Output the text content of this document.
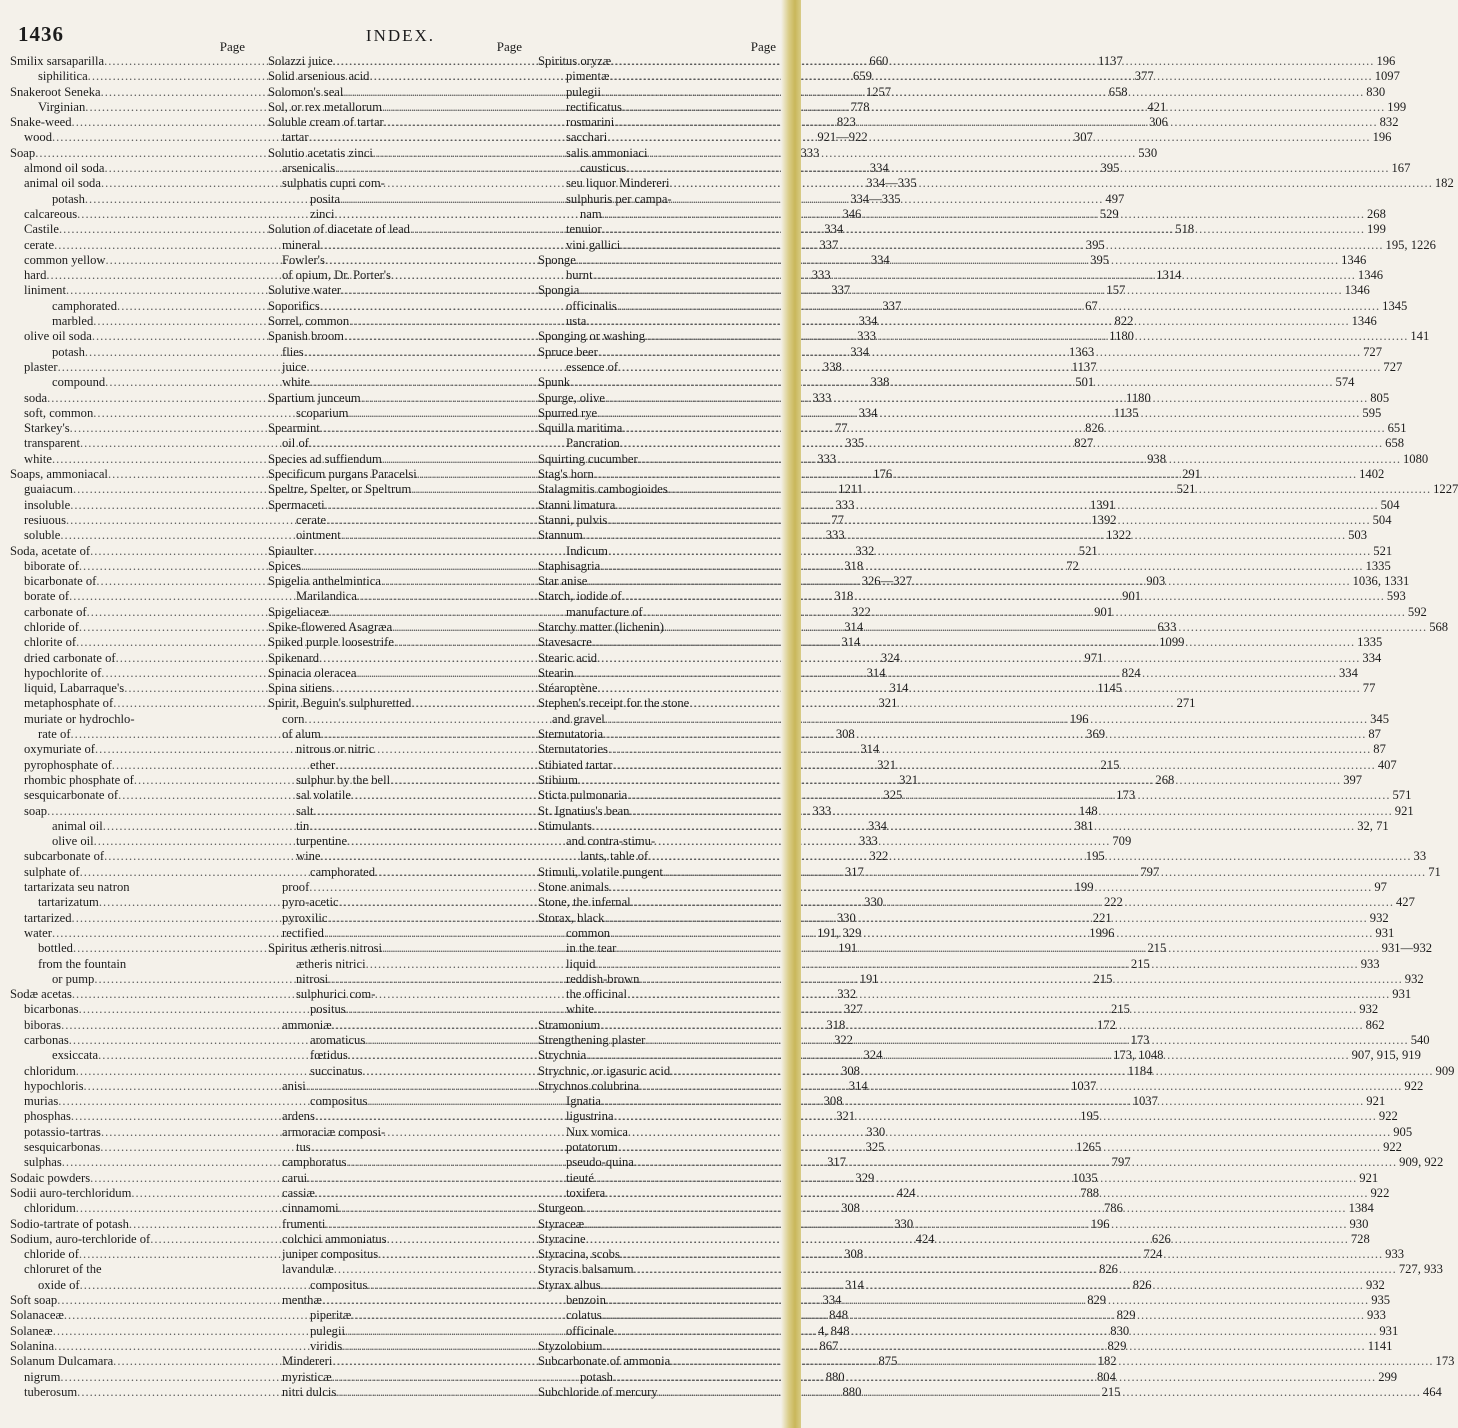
1436	INDEX.
Page
Smilix sarsaparilla .....	660
siphilitica .....	659
Snakeroot Seneka .....	1257
Virginian .....	778
Snake-weed .....	823
wood .....	921—922
Soap .....	333
almond oil soda .....	334
animal oil soda .....	334—335
potash .....	334—335
calcareous .....	346
Castile .....	334
cerate .....	337
common yellow .....	334
hard .....	333
liniment .....	337
camphorated .....	337
marbled .....	334
olive oil soda .....	333
potash .....	334
plaster .....	338
compound .....	338
soda .....	333
soft, common .....	334
Starkey's .....	77
transparent .....	335
white .....	333
Soaps, ammoniacal .....	176
guaiacum .....	1211
insoluble .....	333
resiuous .....	77
soluble .....	333
Soda, acetate of .....	332
biborate of .....	318
bicarbonate of .....	326—327
borate of .....	318
carbonate of .....	322
chloride of .....	314
chlorite of .....	314
dried carbonate of .....	324
hypochlorite of .....	314
liquid, Labarraque's .....	314
metaphosphate of .....	321
muriate or hydrochlo-
rate of .....	308
oxymuriate of .....	314
pyrophosphate of .....	321
rhombic phosphate of .....	321
sesquicarbonate of .....	325
soap .....	333
animal oil .....	334
olive oil .....	333
subcarbonate of .....	322
sulphate of .....	317
tartarizata seu natron
tartarizatum .....	330
tartarized .....	330
water .....	191, 329
bottled .....	191
from the fountain
or pump .....	191
Sodæ acetas .....	332
bicarbonas .....	327
biboras .....	318
carbonas .....	322
exsiccata .....	324
chloridum .....	308
hypochloris .....	314
murias .....	308
phosphas .....	321
potassio-tartras .....	330
sesquicarbonas .....	325
sulphas .....	317
Sodaic powders .....	329
Sodii auro-terchloridum .....	424
chloridum .....	308
Sodio-tartrate of potash .....	330
Sodium, auro-terchloride of .....	424
chloride of .....	308
chloruret of the
oxide of .....	314
Soft soap .....	334
Solanaceæ .....	848
Solaneæ .....	4, 848
Solanina .....	867
Solanum Dulcamara .....	875
nigrum .....	880
tuberosum .....	880
Page
Solazzi juice .....	1137
Solid arsenious acid .....	377
Solomon's seal .....	658
Sol, or rex metallorum .....	421
Soluble cream of tartar .....	306
tartar .....	307
Solutio acetatis zinci .....	530
arsenicalis .....	395
sulphatis cupri com-
posita .....	497
zinci .....	529
Solution of diacetate of lead .....	518
mineral .....	395
Fowler's .....	395
of opium, Dr. Porter's .....	1314
Solutive water .....	157
Soporifics .....	67
Sorrel, common .....	822
Spanish broom .....	1180
flies .....	1363
juice .....	1137
white .....	501
Spartium junceum .....	1180
scoparium .....	1135
Spearmint .....	826
oil of .....	827
Species ad suffiendum .....	938
Specificum purgans Paracelsi .....	291
Speltre, Spelter, or Speltrum .....	521
Spermaceti .....	1391
cerate .....	1392
ointment .....	1322
Spiaulter .....	521
Spices .....	72
Spigelia anthelmintica .....	903
Marilandica .....	901
Spigeliaceæ .....	901
Spike-flowered Asagræa .....	633
Spiked purple loosestrife .....	1099
Spikenard .....	971
Spinacia oleracea .....	824
Spina sitiens .....	1145
Spirit, Beguin's sulphuretted .....	271
corn .....	196
of alum .....	369
nitrous or nitric
ether .....	215
sulphur by the bell .....	268
sal volatile .....	173
salt .....	148
tin .....	381
turpentine .....	709
wine .....	195
camphorated .....	797
proof .....	199
pyro-acetic .....	222
pyroxilic .....	221
rectified .....	1996
Spiritus ætheris nitrosi .....	215
ætheris nitrici .....	215
nitrosi .....	215
sulphurici com-
positus .....	215
ammoniæ .....	172
aromaticus .....	173
fœtidus .....	173, 1048
succinatus .....	1184
anisi .....	1037
compositus .....	1037
ardens .....	195
armoraciæ composi-
tus .....	1265
camphoratus .....	797
carui .....	1035
cassiæ .....	788
cinnamomi .....	786
frumenti .....	196
colchici ammoniatus .....	626
juniper compositus .....	724
lavandulæ .....	826
compositus .....	826
menthæ .....	829
piperitæ .....	829
pulegii .....	830
viridis .....	829
Mindereri .....	182
myristicæ .....	804
nitri dulcis .....	215
Page
Spiritus oryzæ .....	196
pimentæ .....	1097
pulegii .....	830
rectificatus .....	199
rosmarini .....	832
sacchari .....	196
salis ammoniaci
causticus .....	167
seu liquor Mindereri .....	182
sulphuris per campa-
nam .....	268
tenuior .....	199
vini gallici .....	195, 1226
Sponge .....	1346
burnt .....	1346
Spongia .....	1346
officinalis .....	1345
usta .....	1346
Sponging or washing .....	141
Spruce beer .....	727
essence of .....	727
Spunk .....	574
Spurge, olive .....	805
Spurred rye .....	595
Squilla maritima .....	651
Pancration .....	658
Squirting cucumber .....	1080
Stag's horn .....	1402
Stalagmitis cambogioides .....	1227
Stanni limatura .....	504
Stanni, pulvis .....	504
Stannum .....	503
Indicum .....	521
Staphisagria .....	1335
Star anise .....	1036, 1331
Starch, iodide of .....	593
manufacture of .....	592
Starchy matter (lichenin) .....	568
Stavesacre .....	1335
Stearic acid .....	334
Stearin .....	334
Stéaroptène .....	77
Stephen's receipt for the stone
and gravel .....	345
Sternutatoria .....	87
Sternutatories .....	87
Stibiated tartar .....	407
Stibium .....	397
Sticta pulmonaria .....	571
St. Ignatius's bean .....	921
Stimulants .....	32, 71
and contra-stimu-
lants, table of .....	33
Stimuli, volatile pungent .....	71
Stone animals .....	97
Stone, the infernal .....	427
Storax, black .....	932
common .....	931
in the tear .....	931—932
liquid .....	933
reddish-brown .....	932
the officinal .....	931
white .....	932
Stramonium .....	862
Strengthening plaster .....	540
Strychnia .....	907, 915, 919
Strychnic, or igasuric acid .....	909
Strychnos colubrina .....	922
Ignatia .....	921
ligustrina .....	922
Nux vomica .....	905
potatorum .....	922
pseudo-quina .....	909, 922
tieuté .....	921
toxifera .....	922
Sturgeon .....	1384
Styraceæ .....	930
Styracine .....	728
Styracina, scobs .....	933
Styracis balsamum .....	727, 933
Styrax albus .....	932
benzoin .....	935
colatus .....	933
officinale .....	931
Styzolobium .....	1141
Subcarbonate of ammonia .....	173
potash .....	299
Subchloride of mercury .....	464
